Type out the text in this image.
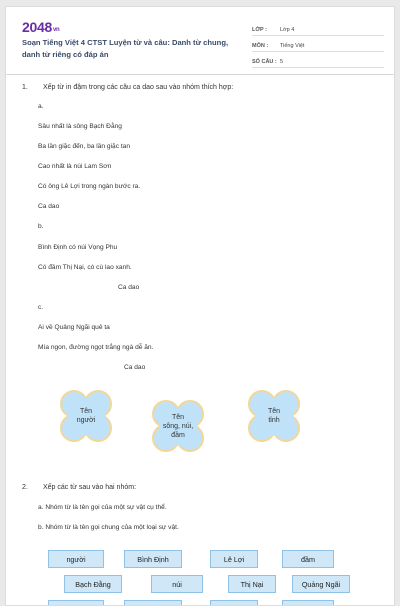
2048vn
Soạn Tiếng Việt 4 CTST Luyện từ và câu: Danh từ chung, danh từ riêng có đáp án
LỚP :	Lớp 4
MÔN :	Tiếng Việt
SỐ CÂU : 5
1. Xếp từ in đậm trong các câu ca dao sau vào nhóm thích hợp:
a.
Sâu nhất là sông Bạch Đằng
Ba lần giặc đến, ba lần giặc tan
Cao nhất là núi Lam Sơn
Có ông Lê Lợi trong ngàn bước ra.
Ca dao
b.
Bình Định có núi Vọng Phu
Có đầm Thị Nại, có cù lao xanh.
Ca dao
c.
Ai về Quảng Ngãi quê ta
Mía ngon, đường ngọt trắng ngà dễ ăn.
Ca dao
Tên
người	Tên
sông, núi,
đầm
Tên
tỉnh
2. Xếp các từ sau vào hai nhóm:
a. Nhóm từ là tên gọi của một sự vật cụ thể.
b. Nhóm từ là tên gọi chung của một loại sự vật.
người	Bình Định	Lê Lợi	đầm
Bạch Đằng	núi	Thị Nại	Quảng Ngãi
